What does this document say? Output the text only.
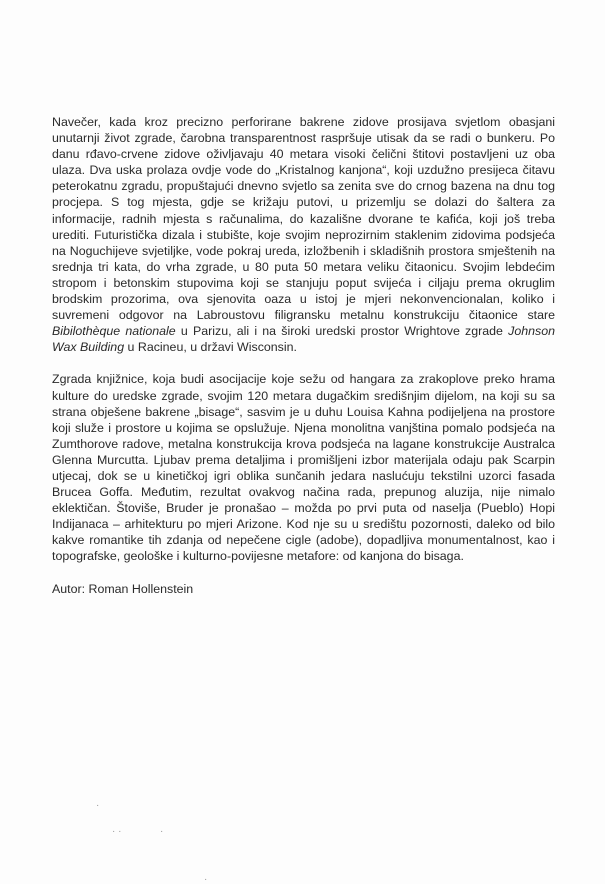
Navečer, kada kroz precizno perforirane bakrene zidove prosijava svjetlom obasjani unutarnji život zgrade, čarobna transparentnost raspršuje utisak da se radi o bunkeru. Po danu rđavo-crvene zidove oživljavaju 40 metara visoki čelični štitovi postavljeni uz oba ulaza. Dva uska prolaza ovdje vode do „Kristalnog kanjona“, koji uzdužno presijeca čitavu peterokatnu zgradu, propuštajući dnevno svjetlo sa zenita sve do crnog bazena na dnu tog procjepa. S tog mjesta, gdje se križaju putovi, u prizemlju se dolazi do šaltera za informacije, radnih mjesta s računalima, do kazališne dvorane te kafića, koji još treba urediti. Futuristička dizala i stubište, koje svojim neprozirnim staklenim zidovima podsjeća na Noguchijeve svjetiljke, vode pokraj ureda, izložbenih i skladišnih prostora smještenih na srednja tri kata, do vrha zgrade, u 80 puta 50 metara veliku čitaonicu. Svojim lebdećim stropom i betonskim stupovima koji se stanjuju poput svijeća i ciljaju prema okruglim brodskim prozorima, ova sjenovita oaza u istoj je mjeri nekonvencionalan, koliko i suvremeni odgovor na Labroustovu filigransku metalnu konstrukciju čitaonice stare Bibilothèque nationale u Parizu, ali i na široki uredski prostor Wrightove zgrade Johnson Wax Building u Racineu, u državi Wisconsin.

Zgrada knjižnice, koja budi asocijacije koje sežu od hangara za zrakoplove preko hrama kulture do uredske zgrade, svojim 120 metara dugačkim središnjim dijelom, na koji su sa strana obješene bakrene „bisage“, sasvim je u duhu Louisa Kahna podijeljena na prostore koji služe i prostore u kojima se opslužuje. Njena monolitna vanjština pomalo podsjeća na Zumthorove radove, metalna konstrukcija krova podsjeća na lagane konstrukcije Australca Glenna Murcutta. Ljubav prema detaljima i promišljeni izbor materijala odaju pak Scarpin utjecaj, dok se u kinetičkoj igri oblika sunčanih jedara naslućuju tekstilni uzorci fasada Brucea Goffa. Međutim, rezultat ovakvog načina rada, prepunog aluzija, nije nimalo eklektičan. Štoviše, Bruder je pronašao – možda po prvi puta od naselja (Pueblo) Hopi Indijanaca – arhitekturu po mjeri Arizone. Kod nje su u središtu pozornosti, daleko od bilo kakve romantike tih zdanja od nepečene cigle (adobe), dopadljiva monumentalnost, kao i topografske, geološke i kulturno-povijesne metafore: od kanjona do bisaga.

Autor: Roman Hollenstein

·
· ·	·
·
